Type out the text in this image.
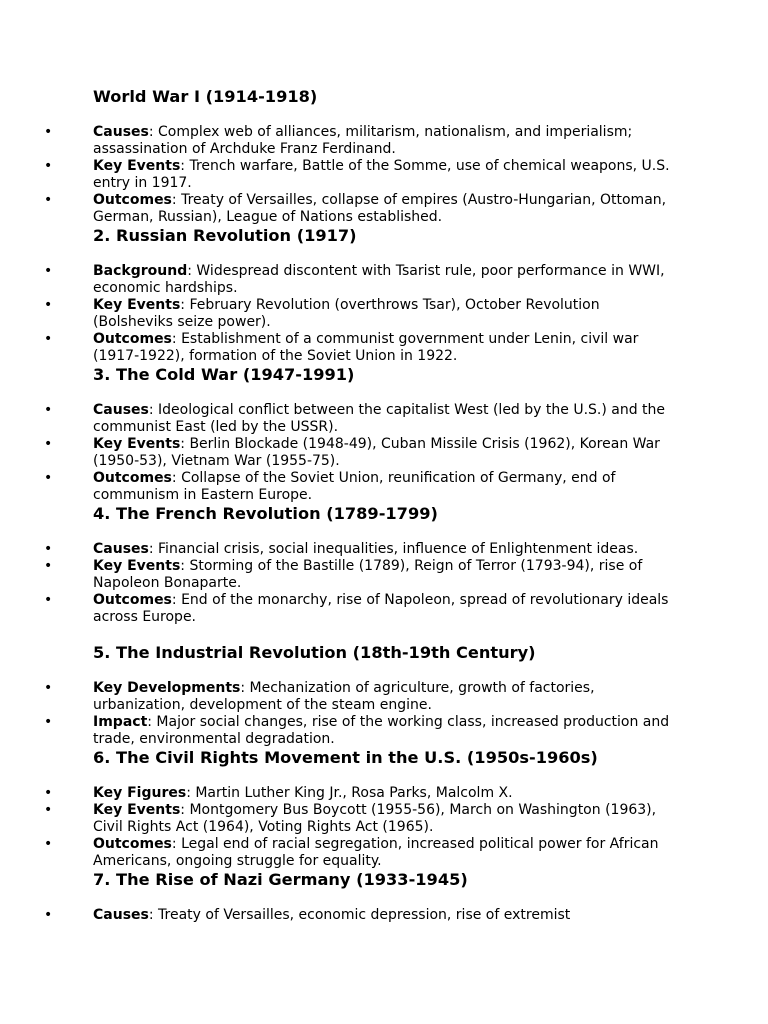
World War I (1914-1918)
•	Causes: Complex web of alliances, militarism, nationalism, and imperialism; assassination of Archduke Franz Ferdinand.
•	Key Events: Trench warfare, Battle of the Somme, use of chemical weapons, U.S. entry in 1917.
•	Outcomes: Treaty of Versailles, collapse of empires (Austro-Hungarian, Ottoman, German, Russian), League of Nations established.
2. Russian Revolution (1917)
•	Background: Widespread discontent with Tsarist rule, poor performance in WWI, economic hardships.
•	Key Events: February Revolution (overthrows Tsar), October Revolution (Bolsheviks seize power).
•	Outcomes: Establishment of a communist government under Lenin, civil war (1917-1922), formation of the Soviet Union in 1922.
3. The Cold War (1947-1991)
•	Causes: Ideological conflict between the capitalist West (led by the U.S.) and the communist East (led by the USSR).
•	Key Events: Berlin Blockade (1948-49), Cuban Missile Crisis (1962), Korean War (1950-53), Vietnam War (1955-75).
•	Outcomes: Collapse of the Soviet Union, reunification of Germany, end of communism in Eastern Europe.
4. The French Revolution (1789-1799)
•	Causes: Financial crisis, social inequalities, influence of Enlightenment ideas.
•	Key Events: Storming of the Bastille (1789), Reign of Terror (1793-94), rise of Napoleon Bonaparte.
•	Outcomes: End of the monarchy, rise of Napoleon, spread of revolutionary ideals across Europe.
5. The Industrial Revolution (18th-19th Century)
•	Key Developments: Mechanization of agriculture, growth of factories, urbanization, development of the steam engine.
•	Impact: Major social changes, rise of the working class, increased production and trade, environmental degradation.
6. The Civil Rights Movement in the U.S. (1950s-1960s)
•	Key Figures: Martin Luther King Jr., Rosa Parks, Malcolm X.
•	Key Events: Montgomery Bus Boycott (1955-56), March on Washington (1963), Civil Rights Act (1964), Voting Rights Act (1965).
•	Outcomes: Legal end of racial segregation, increased political power for African Americans, ongoing struggle for equality.
7. The Rise of Nazi Germany (1933-1945)
•	Causes: Treaty of Versailles, economic depression, rise of extremist
